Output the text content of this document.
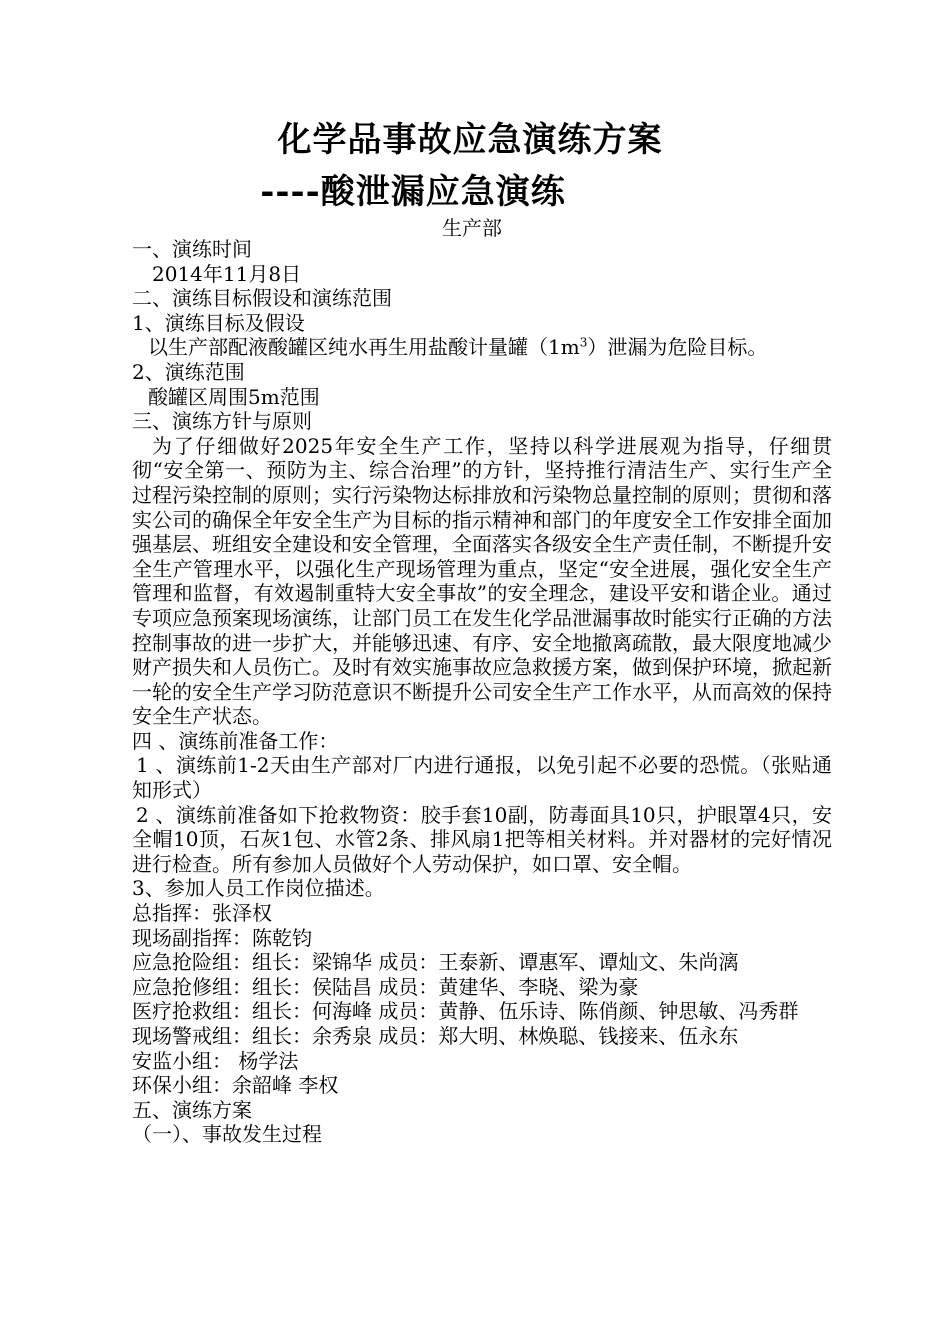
化学品事故应急演练方案
----酸泄漏应急演练
生产部
一、演练时间
2014年11月8日
二、演练目标假设和演练范围
1、演练目标及假设
以生产部配液酸罐区纯水再生用盐酸计量罐$(1m^3)$泄漏为危险目标。
2、演练范围
酸罐区周围5m范围
三、演练方针与原则
为了仔细做好2025年安全生产工作，坚持以科学进展观为指导，仔细贯彻“安全第一、预防为主、综合治理”的方针，坚持推行清洁生产、实行生产全过程污染控制的原则；实行污染物达标排放和污染物总量控制的原则；贯彻和落实公司的确保全年安全生产为目标的指示精神和部门的年度安全工作安排全面加强基层、班组安全建设和安全管理，全面落实各级安全生产责任制，不断提升安全生产管理水平，以强化生产现场管理为重点，坚定“安全进展，强化安全生产管理和监督，有效遏制重特大安全事故”的安全理念，建设平安和谐企业。通过专项应急预案现场演练，让部门员工在发生化学品泄漏事故时能实行正确的方法控制事故的进一步扩大，并能够迅速、有序、安全地撤离疏散，最大限度地减少财产损失和人员伤亡。及时有效实施事故应急救援方案，做到保护环境，掀起新一轮的安全生产学习防范意识不断提升公司安全生产工作水平，从而高效的保持安全生产状态。
四 、演练前准备工作：
1 、演练前1-2天由生产部对厂内进行通报，以免引起不必要的恐慌。（张贴通知形式）
2 、演练前准备如下抢救物资：胶手套10副，防毒面具10只，护眼罩4只，安全帽10顶，石灰1包、水管2条、排风扇1把等相关材料。并对器材的完好情况进行检查。所有参加人员做好个人劳动保护，如口罩、安全帽。
3、参加人员工作岗位描述。
总指挥：张泽权
现场副指挥：陈乾钧
应急抢险组：组长：梁锦华 成员：王泰新、谭惠军、谭灿文、朱尚漓
应急抢修组：组长：侯陆昌 成员：黄建华、李晓、梁为豪
医疗抢救组：组长：何海峰 成员：黄静、伍乐诗、陈俏颜、钟思敏、冯秀群
现场警戒组：组长：余秀泉 成员：郑大明、林焕聪、钱接来、伍永东
安监小组： 杨学法
环保小组：余韶峰 李权
五、演练方案
（一）、事故发生过程
